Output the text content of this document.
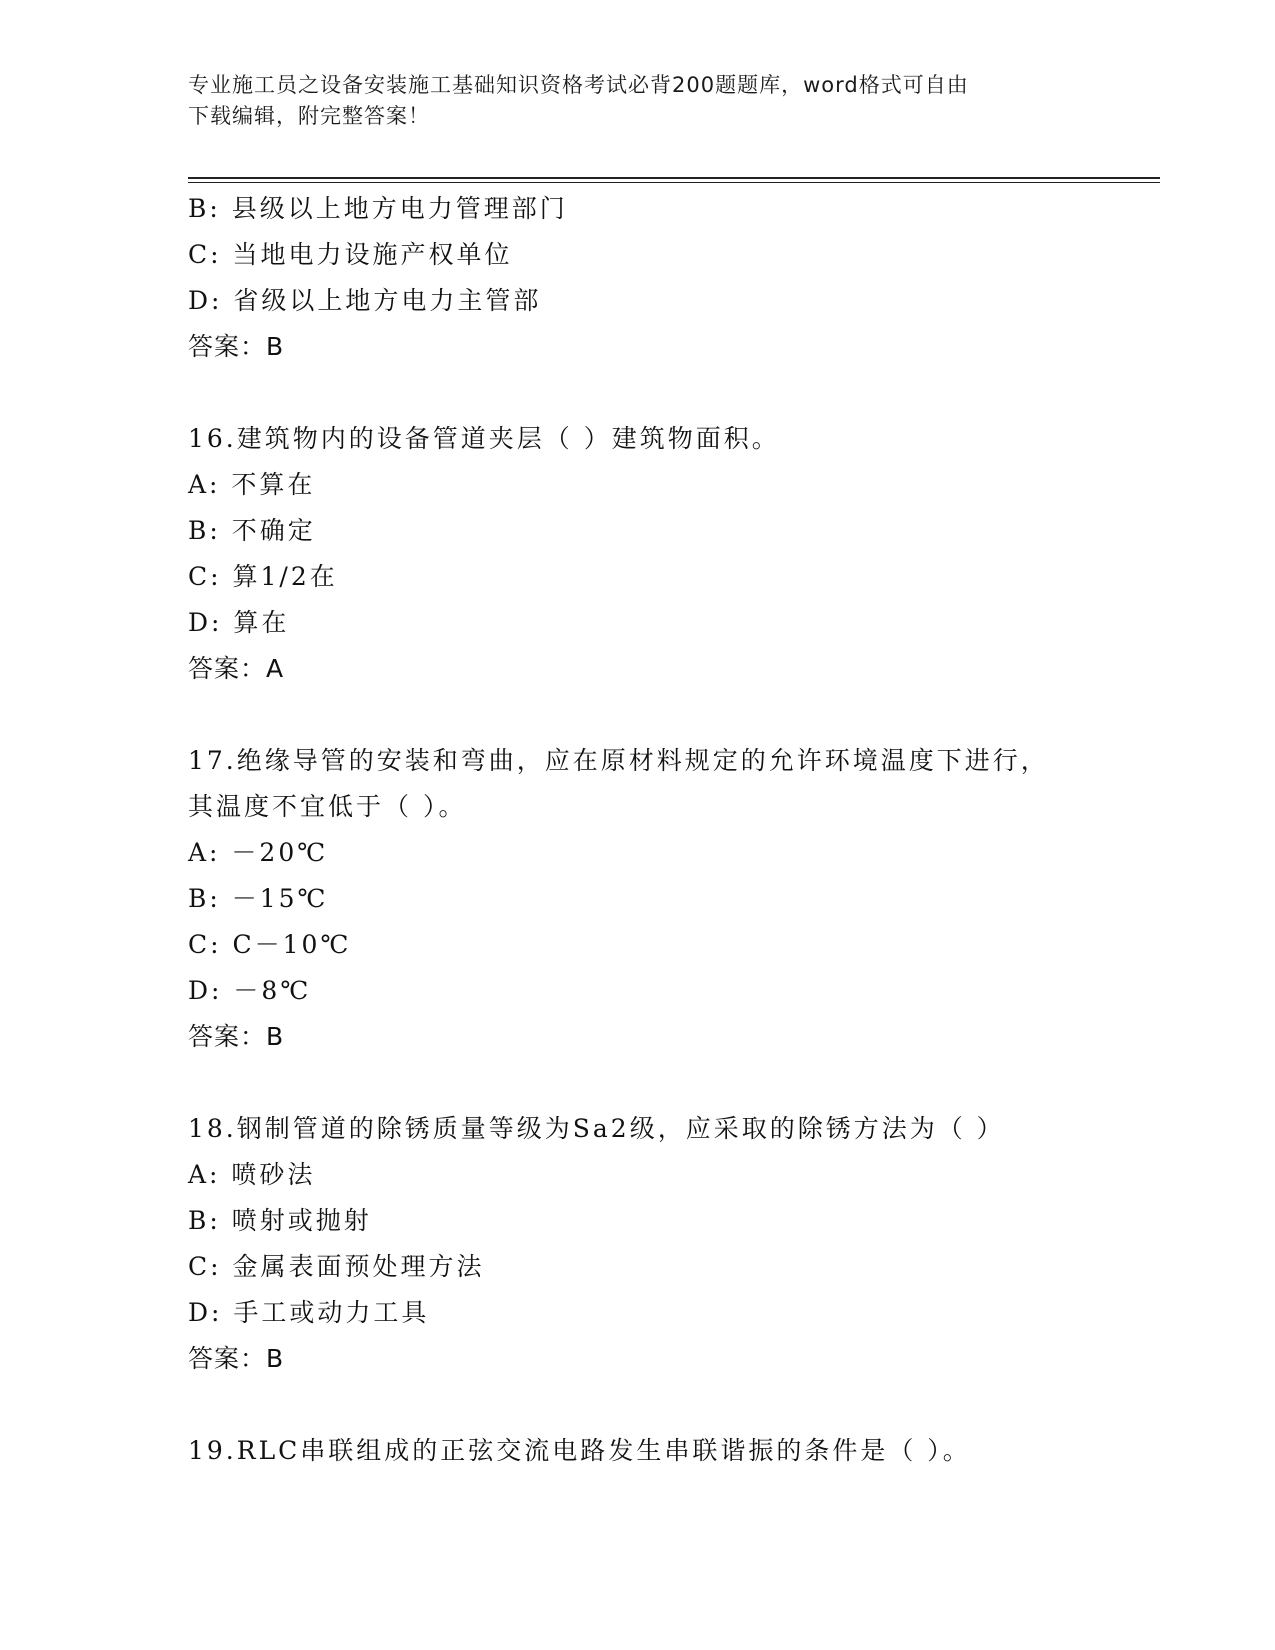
专业施工员之设备安装施工基础知识资格考试必背200题题库，word格式可自由
下载编辑，附完整答案！
B: 县级以上地方电力管理部门
C: 当地电力设施产权单位
D: 省级以上地方电力主管部
答案：B
16.建筑物内的设备管道夹层（ ）建筑物面积。
A: 不算在
B: 不确定
C: 算1/2在
D: 算在
答案：A
17.绝缘导管的安装和弯曲，应在原材料规定的允许环境温度下进行，
其温度不宜低于（ ）。
A: －20℃
B: －15℃
C: C－10℃
D: －8℃
答案：B
18.钢制管道的除锈质量等级为Sa2级，应采取的除锈方法为（ ）
A: 喷砂法
B: 喷射或抛射
C: 金属表面预处理方法
D: 手工或动力工具
答案：B
19.RLC串联组成的正弦交流电路发生串联谐振的条件是（ ）。
